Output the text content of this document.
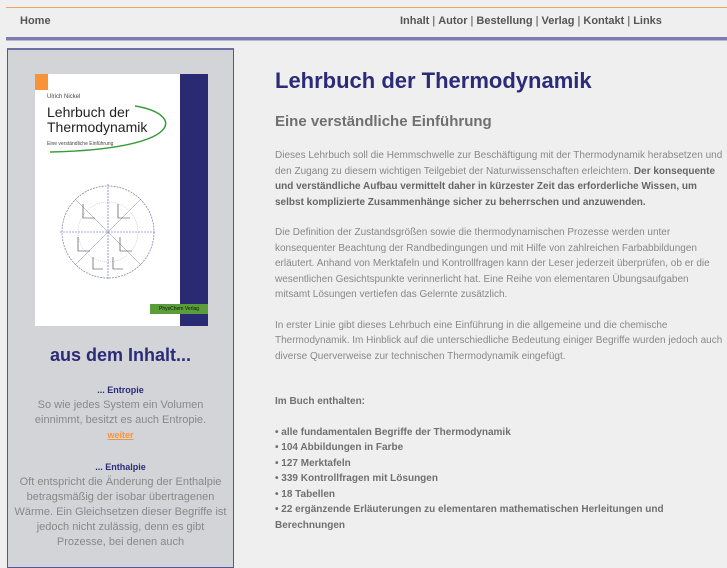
Home	Inhalt | Autor | Bestellung | Verlag | Kontakt | Links
Ulrich Nickel
Lehrbuch der
Thermodynamik
Eine verständliche Einführung
PhysChem Verlag
aus dem Inhalt...
... Entropie
So wie jedes System ein Volumen einnimmt, besitzt es auch Entropie.
weiter
... Enthalpie
Oft entspricht die Änderung der Enthalpie betragsmäßig der isobar übertragenen Wärme. Ein Gleichsetzen dieser Begriffe ist jedoch nicht zulässig, denn es gibt Prozesse, bei denen auch
Lehrbuch der Thermodynamik
Eine verständliche Einführung

Dieses Lehrbuch soll die Hemmschwelle zur Beschäftigung mit der Thermodynamik herabsetzen und den Zugang zu diesem wichtigen Teilgebiet der Naturwissenschaften erleichtern. Der konsequente und verständliche Aufbau vermittelt daher in kürzester Zeit das erforderliche Wissen, um selbst komplizierte Zusammenhänge sicher zu beherrschen und anzuwenden.

Die Definition der Zustandsgrößen sowie die thermodynamischen Prozesse werden unter konsequenter Beachtung der Randbedingungen und mit Hilfe von zahlreichen Farbabbildungen erläutert. Anhand von Merktafeln und Kontrollfragen kann der Leser jederzeit überprüfen, ob er die wesentlichen Gesichtspunkte verinnerlicht hat. Eine Reihe von elementaren Übungsaufgaben mitsamt Lösungen vertiefen das Gelernte zusätzlich.

In erster Linie gibt dieses Lehrbuch eine Einführung in die allgemeine und die chemische Thermodynamik. Im Hinblick auf die unterschiedliche Bedeutung einiger Begriffe wurden jedoch auch diverse Querverweise zur technischen Thermodynamik eingefügt.

Im Buch enthalten:
• alle fundamentalen Begriffe der Thermodynamik
• 104 Abbildungen in Farbe
• 127 Merktafeln
• 339 Kontrollfragen mit Lösungen
• 18 Tabellen
• 22 ergänzende Erläuterungen zu elementaren mathematischen Herleitungen und Berechnungen
